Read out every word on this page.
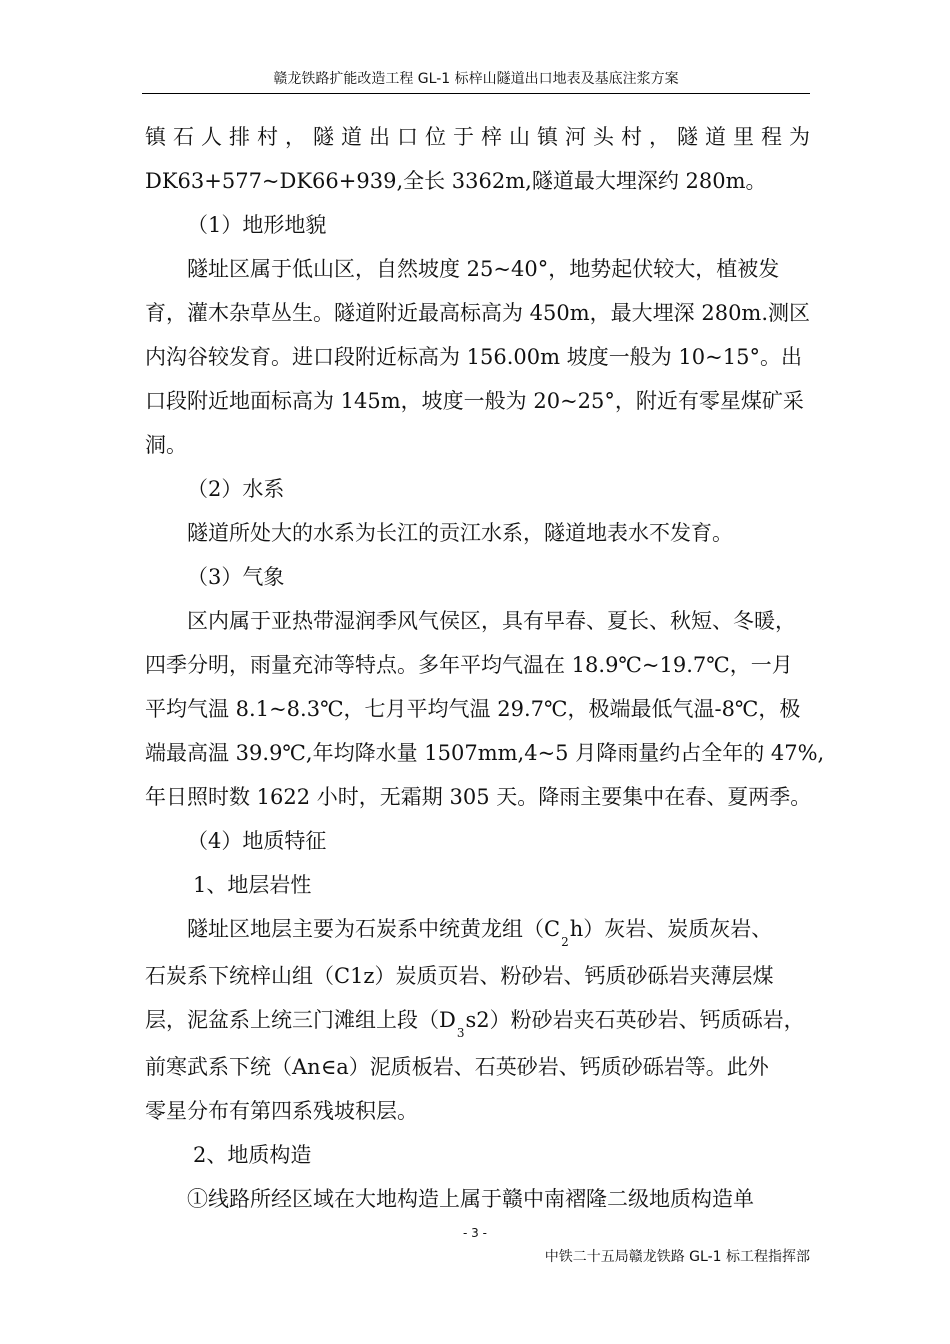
赣龙铁路扩能改造工程 GL-1 标梓山隧道出口地表及基底注浆方案

镇石人排村，隧道出口位于梓山镇河头村，隧道里程为

DK63+577~DK66+939,全长 3362m,隧道最大埋深约 280m。

（1）地形地貌

隧址区属于低山区，自然坡度 25~40°，地势起伏较大，植被发

育，灌木杂草丛生。隧道附近最高标高为 450m，最大埋深 280m.测区

内沟谷较发育。进口段附近标高为 156.00m 坡度一般为 10~15°。出

口段附近地面标高为 145m，坡度一般为 20~25°，附近有零星煤矿采

洞。

（2）水系

隧道所处大的水系为长江的贡江水系，隧道地表水不发育。

（3）气象

区内属于亚热带湿润季风气侯区，具有早春、夏长、秋短、冬暖，

四季分明，雨量充沛等特点。多年平均气温在 18.9℃~19.7℃，一月

平均气温 8.1~8.3℃，七月平均气温 29.7℃，极端最低气温-8℃，极

端最高温 39.9℃,年均降水量 1507mm,4~5 月降雨量约占全年的 47%,

年日照时数 1622 小时，无霜期 305 天。降雨主要集中在春、夏两季。

（4）地质特征

1、地层岩性

隧址区地层主要为石炭系中统黄龙组$(C_2h)$灰岩、炭质灰岩、

石炭系下统梓山组（C1z）炭质页岩、粉砂岩、钙质砂砾岩夹薄层煤

层，泥盆系上统三门滩组上段$(D_3s2)$粉砂岩夹石英砂岩、钙质砾岩，

前寒武系下统（An∈a）泥质板岩、石英砂岩、钙质砂砾岩等。此外

零星分布有第四系残坡积层。

2、地质构造

①线路所经区域在大地构造上属于赣中南褶隆二级地质构造单

- 3 -
中铁二十五局赣龙铁路 GL-1 标工程指挥部
